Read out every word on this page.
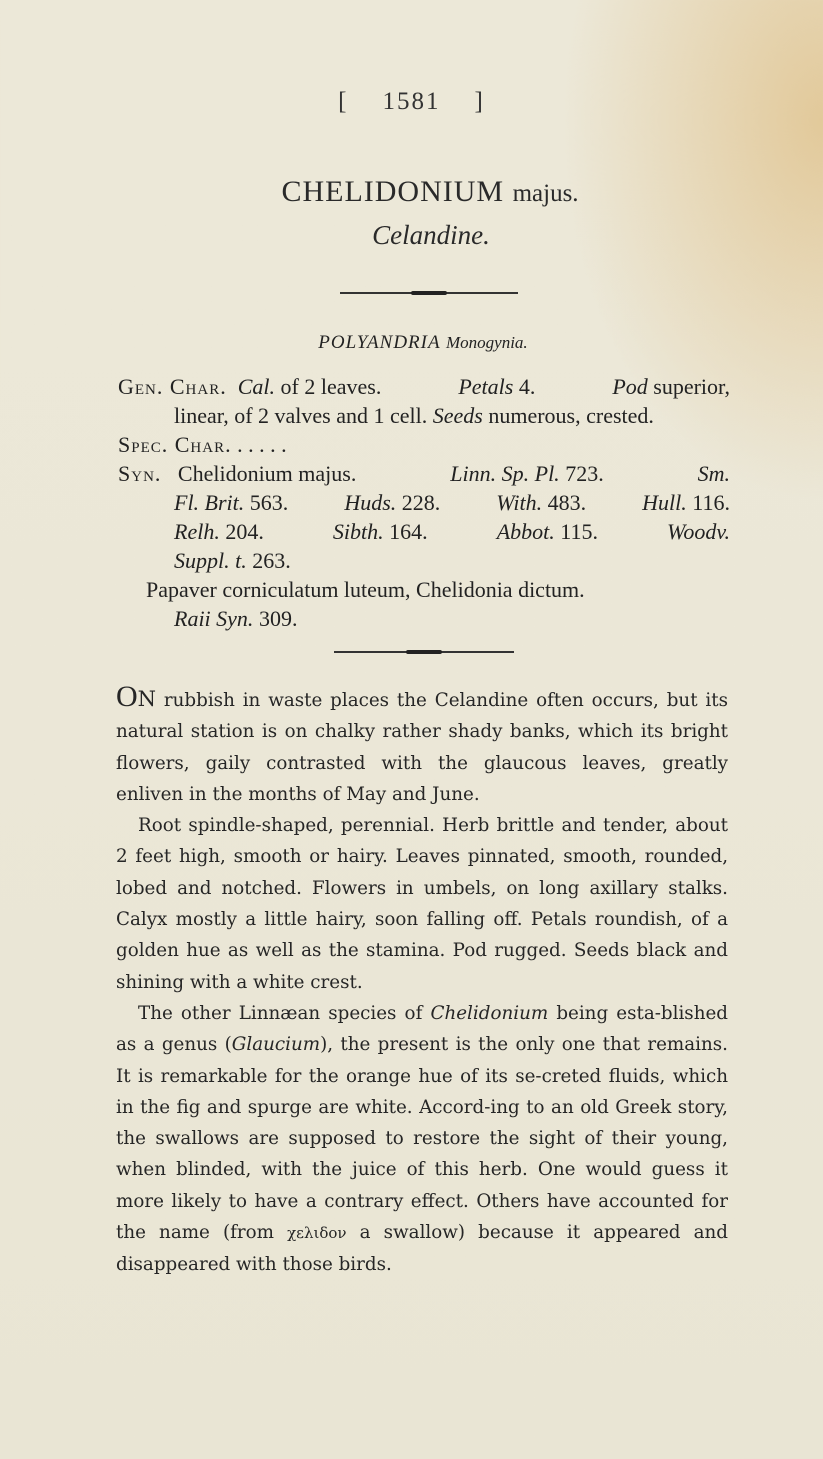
[ 1581 ]
CHELIDONIUM majus.
Celandine.
POLYANDRIA Monogynia.
Gen. Char. Cal. of 2 leaves.	Petals 4.	Pod superior,
linear, of 2 valves and 1 cell. Seeds numerous, crested.
Spec. Char. . . . . .
Syn. Chelidonium majus.	Linn. Sp. Pl. 723.	Sm.
Fl. Brit. 563.	Huds. 228.	With. 483.	Hull. 116.
Relh. 204.	Sibth. 164.	Abbot. 115.	Woodv.
Suppl. t. 263.
Papaver corniculatum luteum, Chelidonia dictum.
Raii Syn. 309.
ON rubbish in waste places the Celandine often occurs, but its natural station is on chalky rather shady banks, which its bright flowers, gaily contrasted with the glaucous leaves, greatly enliven in the months of May and June.
Root spindle-shaped, perennial. Herb brittle and tender, about 2 feet high, smooth or hairy. Leaves pinnated, smooth, rounded, lobed and notched. Flowers in umbels, on long axillary stalks. Calyx mostly a little hairy, soon falling off. Petals roundish, of a golden hue as well as the stamina. Pod rugged. Seeds black and shining with a white crest.
The other Linnæan species of Chelidonium being esta-blished as a genus (Glaucium), the present is the only one that remains. It is remarkable for the orange hue of its se-creted fluids, which in the fig and spurge are white. Accord-ing to an old Greek story, the swallows are supposed to restore the sight of their young, when blinded, with the juice of this herb. One would guess it more likely to have a contrary effect. Others have accounted for the name (from χελιδον a swallow) because it appeared and disappeared with those birds.
